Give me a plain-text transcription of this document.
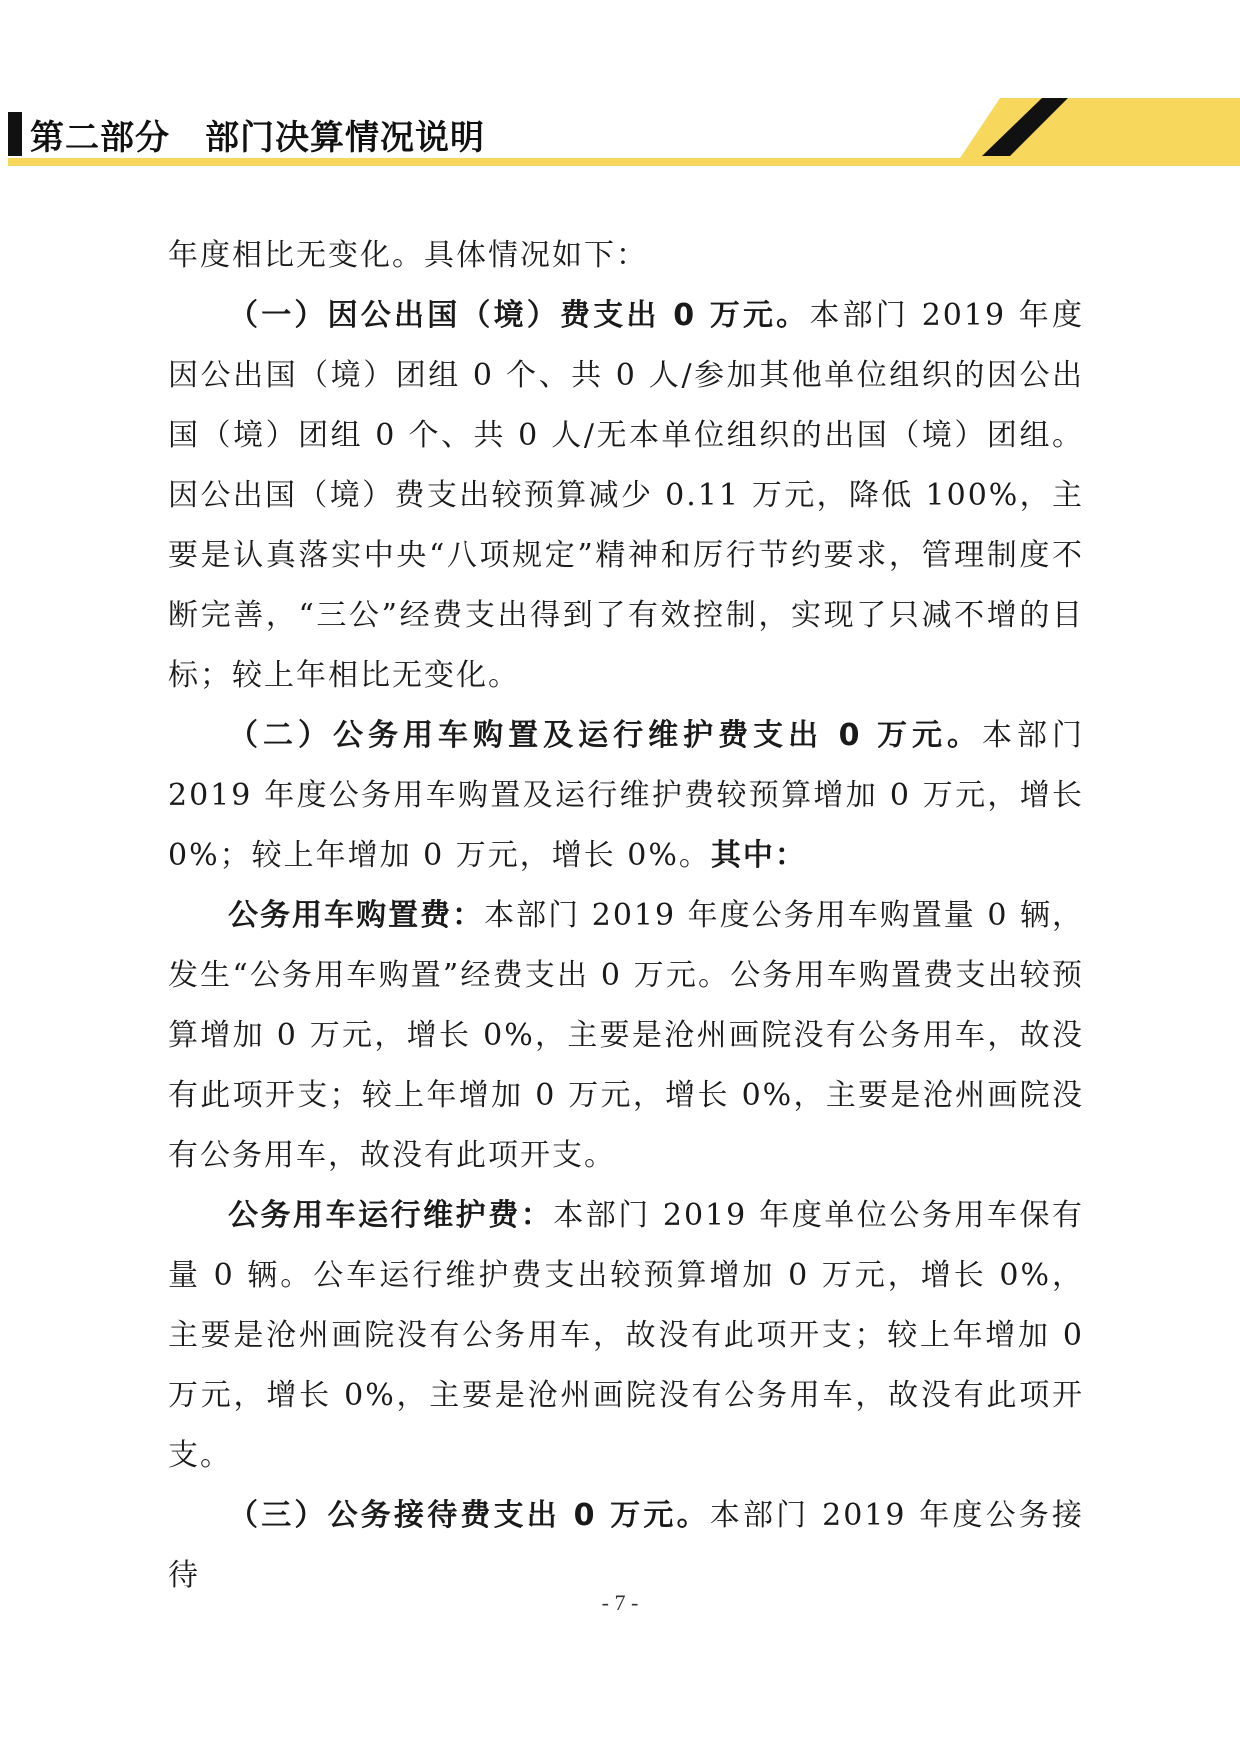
第二部分　部门决算情况说明

年度相比无变化。具体情况如下：

（一）因公出国（境）费支出 0 万元。本部门 2019 年度因公出国（境）团组 0 个、共 0 人/参加其他单位组织的因公出国（境）团组 0 个、共 0 人/无本单位组织的出国（境）团组。因公出国（境）费支出较预算减少 0.11 万元，降低 100%，主要是认真落实中央“八项规定”精神和厉行节约要求，管理制度不断完善，“三公”经费支出得到了有效控制，实现了只减不增的目标；较上年相比无变化。

（二）公务用车购置及运行维护费支出 0 万元。本部门 2019 年度公务用车购置及运行维护费较预算增加 0 万元，增长 0%；较上年增加 0 万元，增长 0%。其中：

公务用车购置费：本部门 2019 年度公务用车购置量 0 辆，发生“公务用车购置”经费支出 0 万元。公务用车购置费支出较预算增加 0 万元，增长 0%，主要是沧州画院没有公务用车，故没有此项开支；较上年增加 0 万元，增长 0%，主要是沧州画院没有公务用车，故没有此项开支。

公务用车运行维护费：本部门 2019 年度单位公务用车保有量 0 辆。公车运行维护费支出较预算增加 0 万元，增长 0%，主要是沧州画院没有公务用车，故没有此项开支；较上年增加 0 万元，增长 0%，主要是沧州画院没有公务用车，故没有此项开支。

（三）公务接待费支出 0 万元。本部门 2019 年度公务接待

- 7 -
